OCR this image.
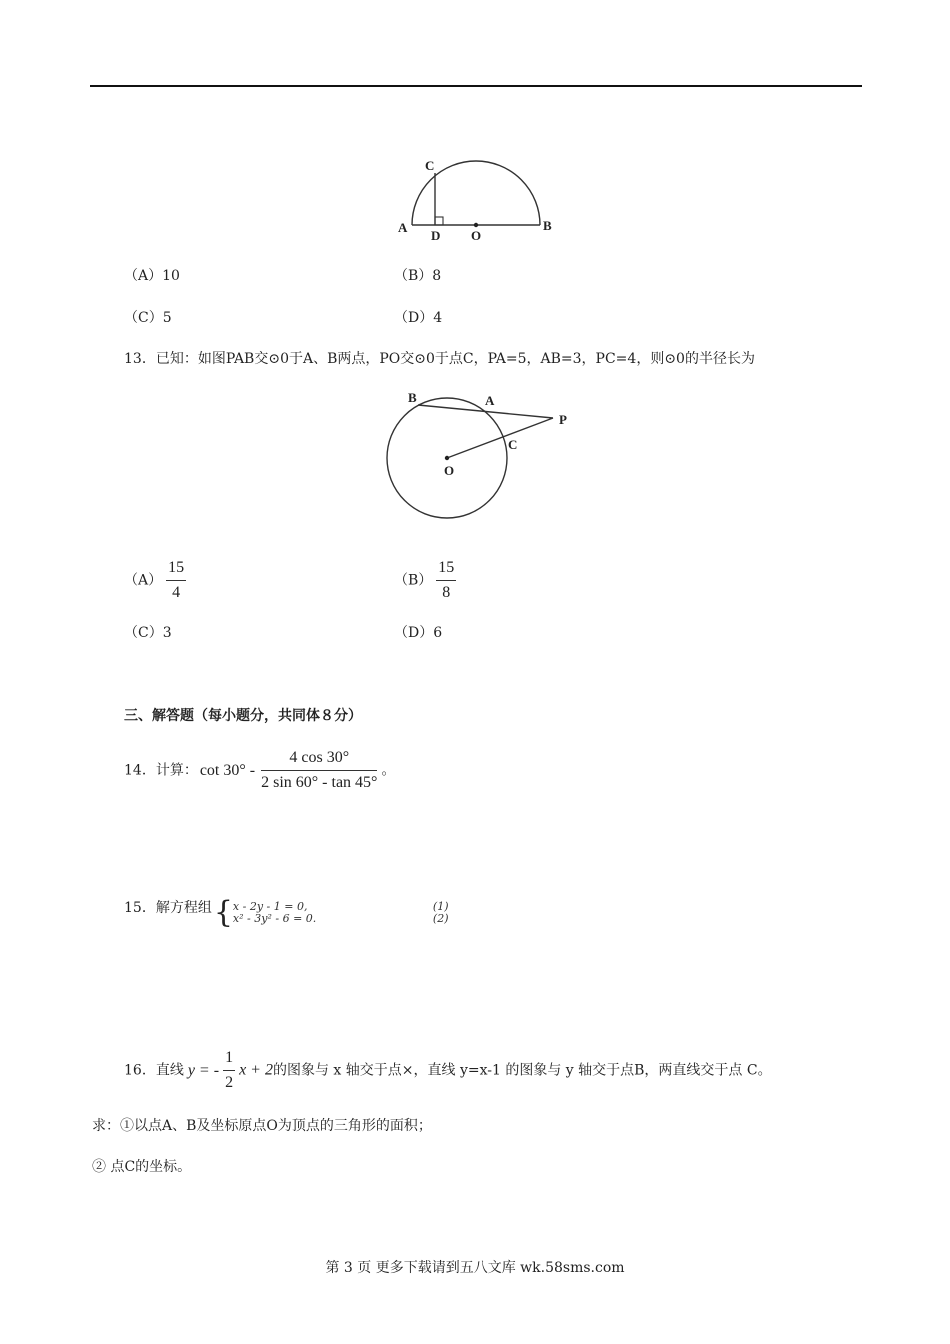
C
A
D O
B
（A）10	（B）8
（C）5	（D）4
13．已知：如图PAB交⊙0于A、B两点，PO交⊙0于点C，PA=5，AB=3，PC=4，则⊙0的半径长为
B	A
P
C
O
$(A) \frac{15}{4}$	$(B) \frac{15}{8}$
（C）3	（D）6
三、解答题（每小题分，共同体８分）
14．计算： $\cot 30^\circ - \frac{4 \cos 30^\circ}{2 \sin 60^\circ - \tan 45^\circ}$ 。
15．解方程组{ x - 2y - 1 = 0,	(1)
x² - 3y² - 6 = 0.	(2)
16．直线 y = - $\frac{1}{2}$ x + 2的图象与 x 轴交于点×，直线 y=x-1 的图象与 y 轴交于点B，两直线交于点 C。
求：①以点A、B及坐标原点O为顶点的三角形的面积；
② 点C的坐标。
第 3 页 更多下载请到五八文库 wk.58sms.com
